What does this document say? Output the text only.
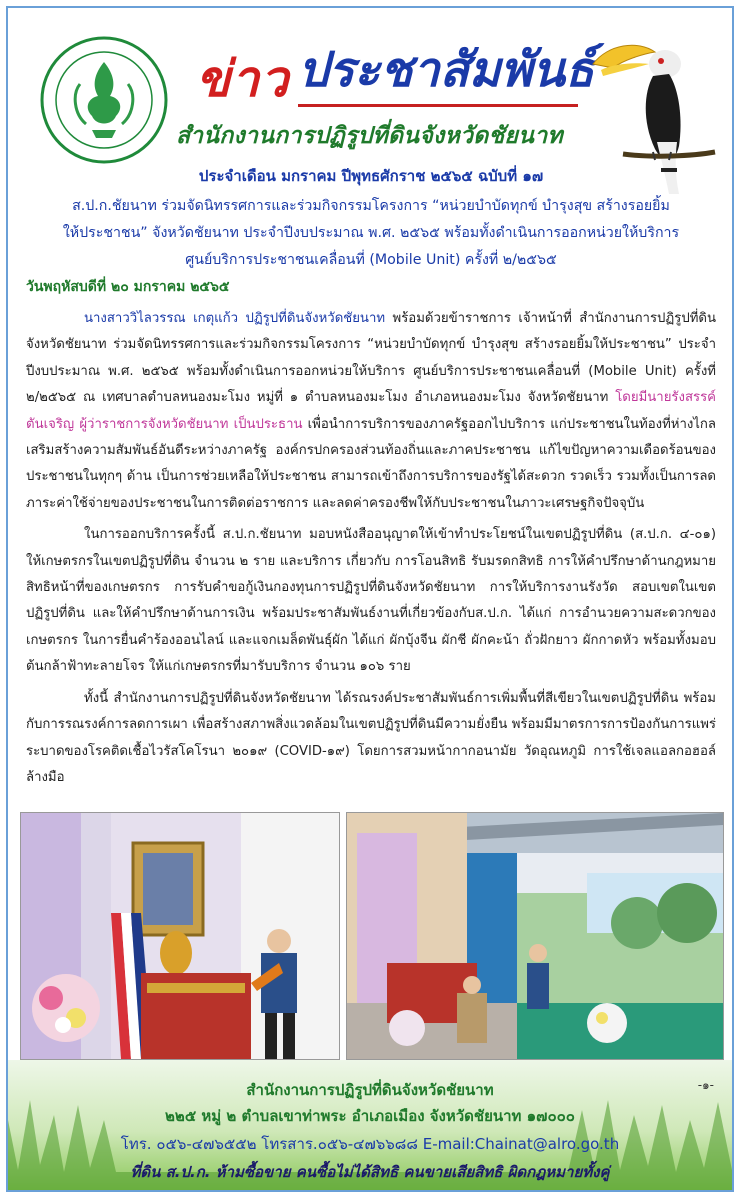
ข่าว ประชาสัมพันธ์
สำนักงานการปฏิรูปที่ดินจังหวัดชัยนาท
ประจำเดือน มกราคม ปีพุทธศักราช ๒๕๖๕ ฉบับที่ ๑๗
ส.ป.ก.ชัยนาท ร่วมจัดนิทรรศการและร่วมกิจกรรมโครงการ “หน่วยบำบัดทุกข์ บำรุงสุข สร้างรอยยิ้ม
ให้ประชาชน” จังหวัดชัยนาท ประจำปีงบประมาณ พ.ศ. ๒๕๖๕ พร้อมทั้งดำเนินการออกหน่วยให้บริการ
ศูนย์บริการประชาชนเคลื่อนที่ (Mobile Unit) ครั้งที่ ๒/๒๕๖๕
วันพฤหัสบดีที่ ๒๐ มกราคม ๒๕๖๕

นางสาววิไลวรรณ เกตุแก้ว ปฏิรูปที่ดินจังหวัดชัยนาท พร้อมด้วยข้าราชการ เจ้าหน้าที่ สำนักงานการปฏิรูปที่ดินจังหวัดชัยนาท ร่วมจัดนิทรรศการและร่วมกิจกรรมโครงการ “หน่วยบำบัดทุกข์ บำรุงสุข สร้างรอยยิ้มให้ประชาชน” ประจำปีงบประมาณ พ.ศ. ๒๕๖๕ พร้อมทั้งดำเนินการออกหน่วยให้บริการ ศูนย์บริการประชาชนเคลื่อนที่ (Mobile Unit) ครั้งที่ ๒/๒๕๖๕ ณ เทศบาลตำบลหนองมะโมง หมู่ที่ ๑ ตำบลหนองมะโมง อำเภอหนองมะโมง จังหวัดชัยนาท โดยมีนายรังสรรค์ ตันเจริญ ผู้ว่าราชการจังหวัดชัยนาท เป็นประธาน เพื่อนำการบริการของภาครัฐออกไปบริการ แก่ประชาชนในท้องที่ห่างไกล เสริมสร้างความสัมพันธ์อันดีระหว่างภาครัฐ องค์กรปกครองส่วนท้องถิ่นและภาคประชาชน แก้ไขปัญหาความเดือดร้อนของประชาชนในทุกๆ ด้าน เป็นการช่วยเหลือให้ประชาชน สามารถเข้าถึงการบริการของรัฐได้สะดวก รวดเร็ว รวมทั้งเป็นการลดภาระค่าใช้จ่ายของประชาชนในการติดต่อราชการ และลดค่าครองชีพให้กับประชาชนในภาวะเศรษฐกิจปัจจุบัน

ในการออกบริการครั้งนี้ ส.ป.ก.ชัยนาท มอบหนังสืออนุญาตให้เข้าทำประโยชน์ในเขตปฏิรูปที่ดิน (ส.ป.ก. ๔-๐๑) ให้เกษตรกรในเขตปฏิรูปที่ดิน จำนวน ๒ ราย และบริการ เกี่ยวกับ การโอนสิทธิ รับมรดกสิทธิ การให้คำปรึกษาด้านกฎหมาย สิทธิหน้าที่ของเกษตรกร การรับคำขอกู้เงินกองทุนการปฏิรูปที่ดินจังหวัดชัยนาท การให้บริการงานรังวัด สอบเขตในเขตปฏิรูปที่ดิน และให้คำปรึกษาด้านการเงิน พร้อมประชาสัมพันธ์งานที่เกี่ยวข้องกับส.ป.ก. ได้แก่ การอำนวยความสะดวกของเกษตรกร ในการยื่นคำร้องออนไลน์ และแจกเมล็ดพันธุ์ผัก ได้แก่ ผักบุ้งจีน ผักชี ผักคะน้า ถั่วฝักยาว ผักกาดหัว พร้อมทั้งมอบต้นกล้าฟ้าทะลายโจร ให้แก่เกษตรกรที่มารับบริการ จำนวน ๑๐๖ ราย

ทั้งนี้ สำนักงานการปฏิรูปที่ดินจังหวัดชัยนาท ได้รณรงค์ประชาสัมพันธ์การเพิ่มพื้นที่สีเขียวในเขตปฏิรูปที่ดิน พร้อมกับการรณรงค์การลดการเผา เพื่อสร้างสภาพสิ่งแวดล้อมในเขตปฏิรูปที่ดินมีความยั่งยืน พร้อมมีมาตรการการป้องกันการแพร่ระบาดของโรคติดเชื้อไวรัสโคโรนา ๒๐๑๙ (COVID-๑๙) โดยการสวมหน้ากากอนามัย วัดอุณหภูมิ การใช้เจลแอลกอฮอล์ล้างมือ

สำนักงานการปฏิรูปที่ดินจังหวัดชัยนาท
๒๒๕ หมู่ ๒ ตำบลเขาท่าพระ อำเภอเมือง จังหวัดชัยนาท ๑๗๐๐๐
โทร. ๐๕๖-๔๗๖๕๕๒ โทรสาร.๐๕๖-๔๗๖๖๘๘ E-mail:Chainat@alro.go.th
ที่ดิน ส.ป.ก. ห้ามซื้อขาย คนซื้อไม่ได้สิทธิ คนขายเสียสิทธิ ผิดกฎหมายทั้งคู่
-๑-
